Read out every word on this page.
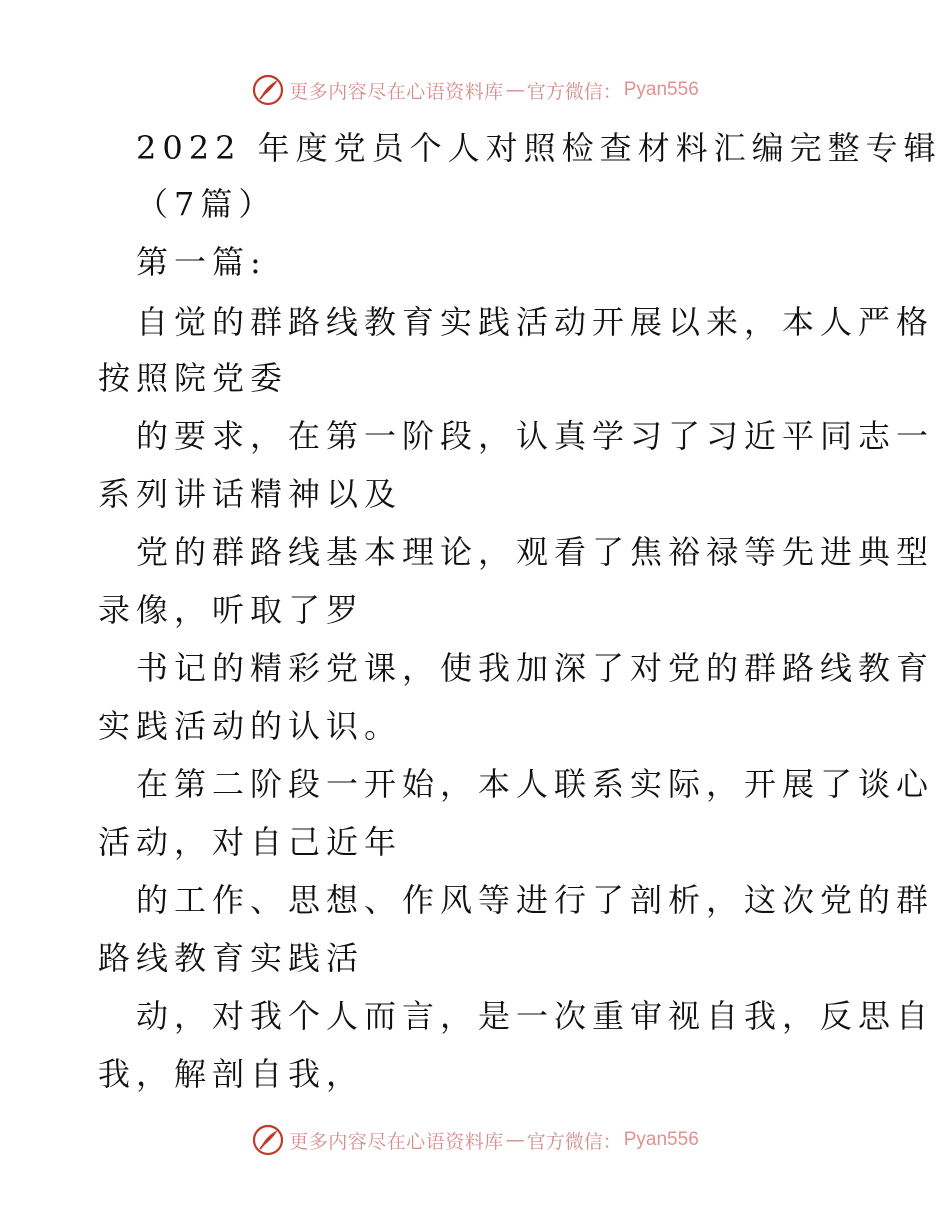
更多内容尽在心语资料库 — 官方微信： Pyan556
2022 年度党员个人对照检查材料汇编完整专辑
（7篇）
第一篇:
自觉的群路线教育实践活动开展以来，本人严格
按照院党委
的要求，在第一阶段，认真学习了习近平同志一
系列讲话精神以及
党的群路线基本理论，观看了焦裕禄等先进典型
录像，听取了罗
书记的精彩党课，使我加深了对党的群路线教育
实践活动的认识。
在第二阶段一开始，本人联系实际，开展了谈心
活动，对自己近年
的工作、思想、作风等进行了剖析，这次党的群
路线教育实践活
动，对我个人而言，是一次重审视自我，反思自
我，解剖自我，
更多内容尽在心语资料库 — 官方微信： Pyan556
